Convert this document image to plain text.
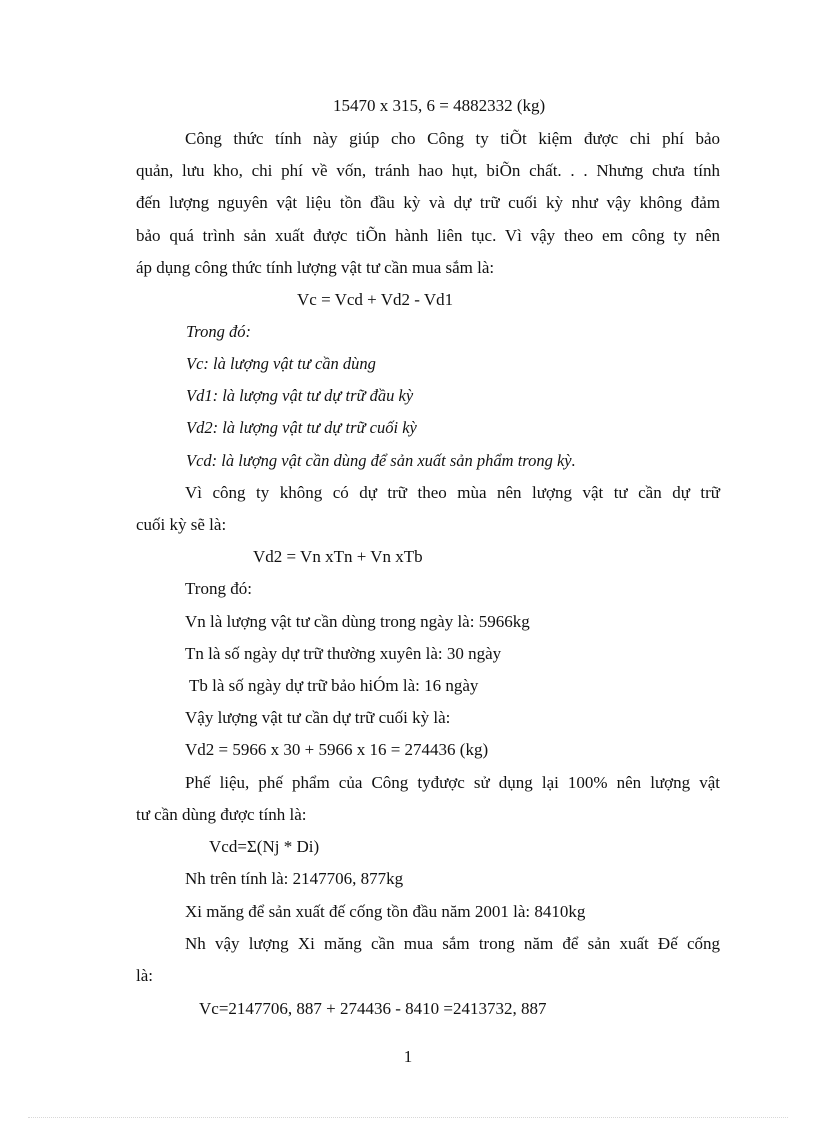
15470 x 315, 6 = 4882332 (kg)
Công thức tính này giúp cho Công ty tiÕt kiệm được chi phí bảo
quản, lưu kho, chi phí về vốn, tránh hao hụt, biÕn chất. . . Nhưng chưa tính
đến lượng nguyên vật liệu tồn đầu kỳ và dự trữ cuối kỳ như vậy không đảm
bảo quá trình sản xuất được tiÕn hành liên tục. Vì vậy theo em công ty nên
áp dụng công thức tính lượng vật tư cần mua sắm là:
Vc = Vcd + Vd2 - Vd1
Trong đó:
Vc: là lượng vật tư cần dùng
Vd1: là lượng vật tư dự trữ đầu kỳ
Vd2: là lượng vật tư dự trữ cuối kỳ
Vcd: là lượng vật cần dùng để sản xuất sản phẩm trong kỳ.
Vì công ty không có dự trữ theo mùa nên lượng vật tư cần dự trữ
cuối kỳ sẽ là:
Vd2 = Vn xTn + Vn xTb
Trong đó:
Vn là lượng vật tư cần dùng trong ngày là: 5966kg
Tn là số ngày dự trữ thường xuyên là: 30 ngày
Tb là số ngày dự trữ bảo hiÓm là: 16 ngày
Vậy lượng vật tư cần dự trữ cuối kỳ là:
Vd2 = 5966 x 30 + 5966 x 16 = 274436 (kg)
Phế liệu, phế phẩm của Công tyđược sử dụng lại 100% nên lượng vật
tư cần dùng được tính là:
Vcd=Σ(Nj * Di)
Nh trên tính là: 2147706, 877kg
Xi măng để sản xuất đế cống tồn đầu năm 2001 là: 8410kg
Nh vậy lượng Xi măng cần mua sắm trong năm để sản xuất Đế cống
là:
Vc=2147706, 887 + 274436 - 8410 =2413732, 887
1
